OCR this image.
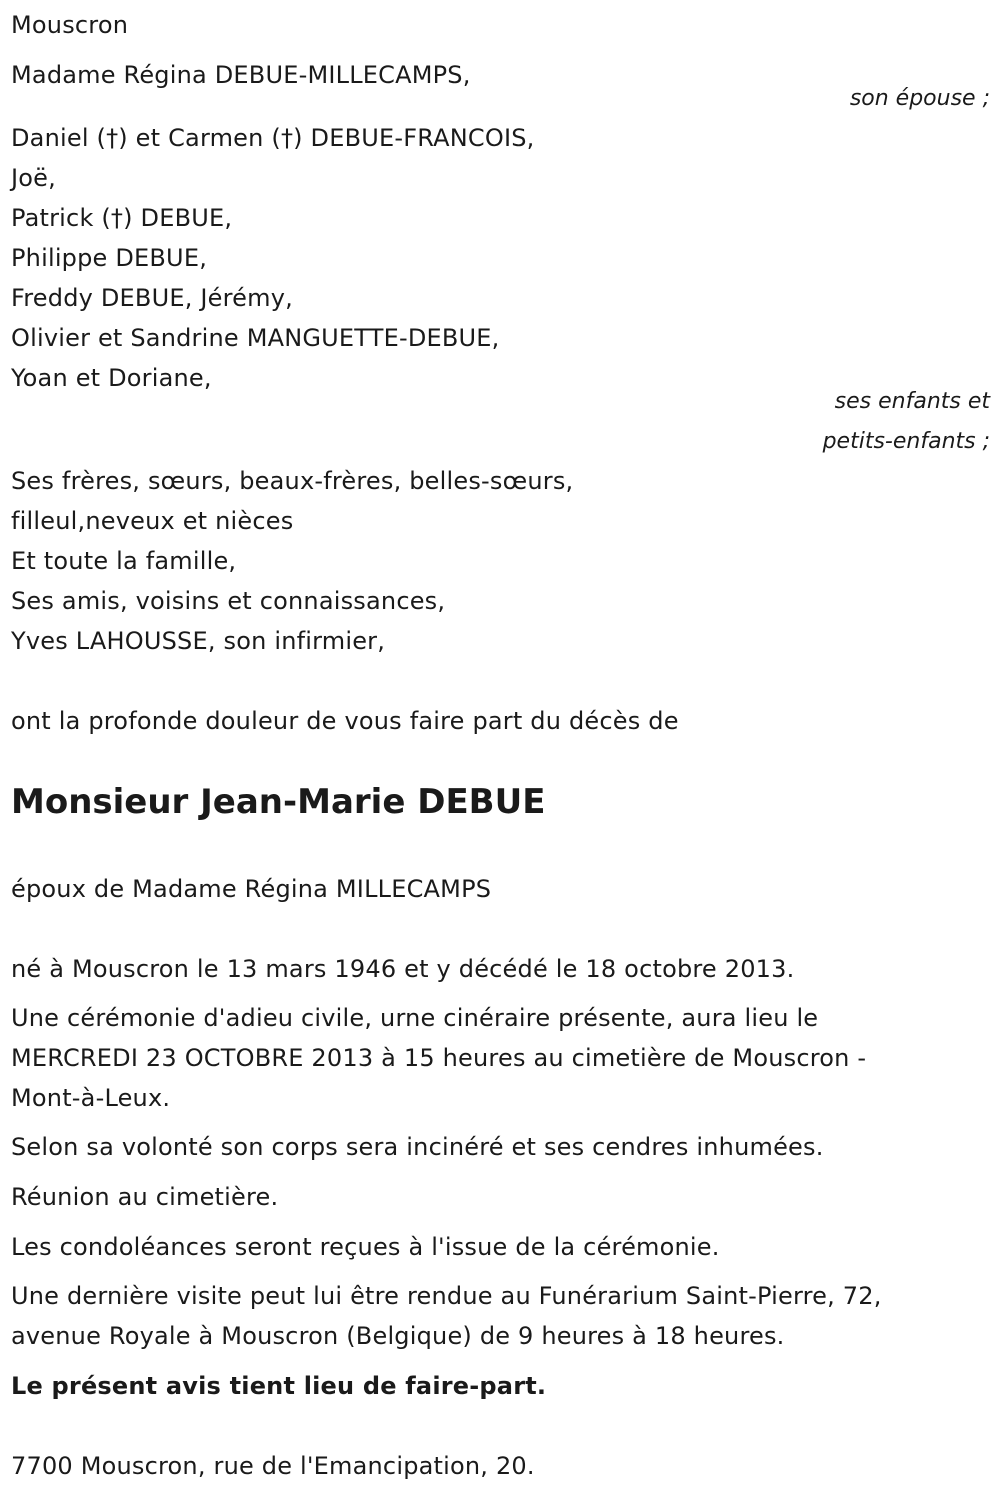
Mouscron
Madame Régina DEBUE-MILLECAMPS,
son épouse ;
Daniel (†) et Carmen (†) DEBUE-FRANCOIS,
Joë,
Patrick (†) DEBUE,
Philippe DEBUE,
Freddy DEBUE, Jérémy,
Olivier et Sandrine MANGUETTE-DEBUE,
Yoan et Doriane,
ses enfants et
petits-enfants ;
Ses frères, sœurs, beaux-frères, belles-sœurs,
filleul,neveux et nièces
Et toute la famille,
Ses amis, voisins et connaissances,
Yves LAHOUSSE, son infirmier,
ont la profonde douleur de vous faire part du décès de
Monsieur Jean-Marie DEBUE
époux de Madame Régina MILLECAMPS
né à Mouscron le 13 mars 1946 et y décédé le 18 octobre 2013.
Une cérémonie d'adieu civile, urne cinéraire présente, aura lieu le
MERCREDI 23 OCTOBRE 2013 à 15 heures au cimetière de Mouscron -
Mont-à-Leux.
Selon sa volonté son corps sera incinéré et ses cendres inhumées.
Réunion au cimetière.
Les condoléances seront reçues à l'issue de la cérémonie.
Une dernière visite peut lui être rendue au Funérarium Saint-Pierre, 72,
avenue Royale à Mouscron (Belgique) de 9 heures à 18 heures.
Le présent avis tient lieu de faire-part.
7700 Mouscron, rue de l'Emancipation, 20.
